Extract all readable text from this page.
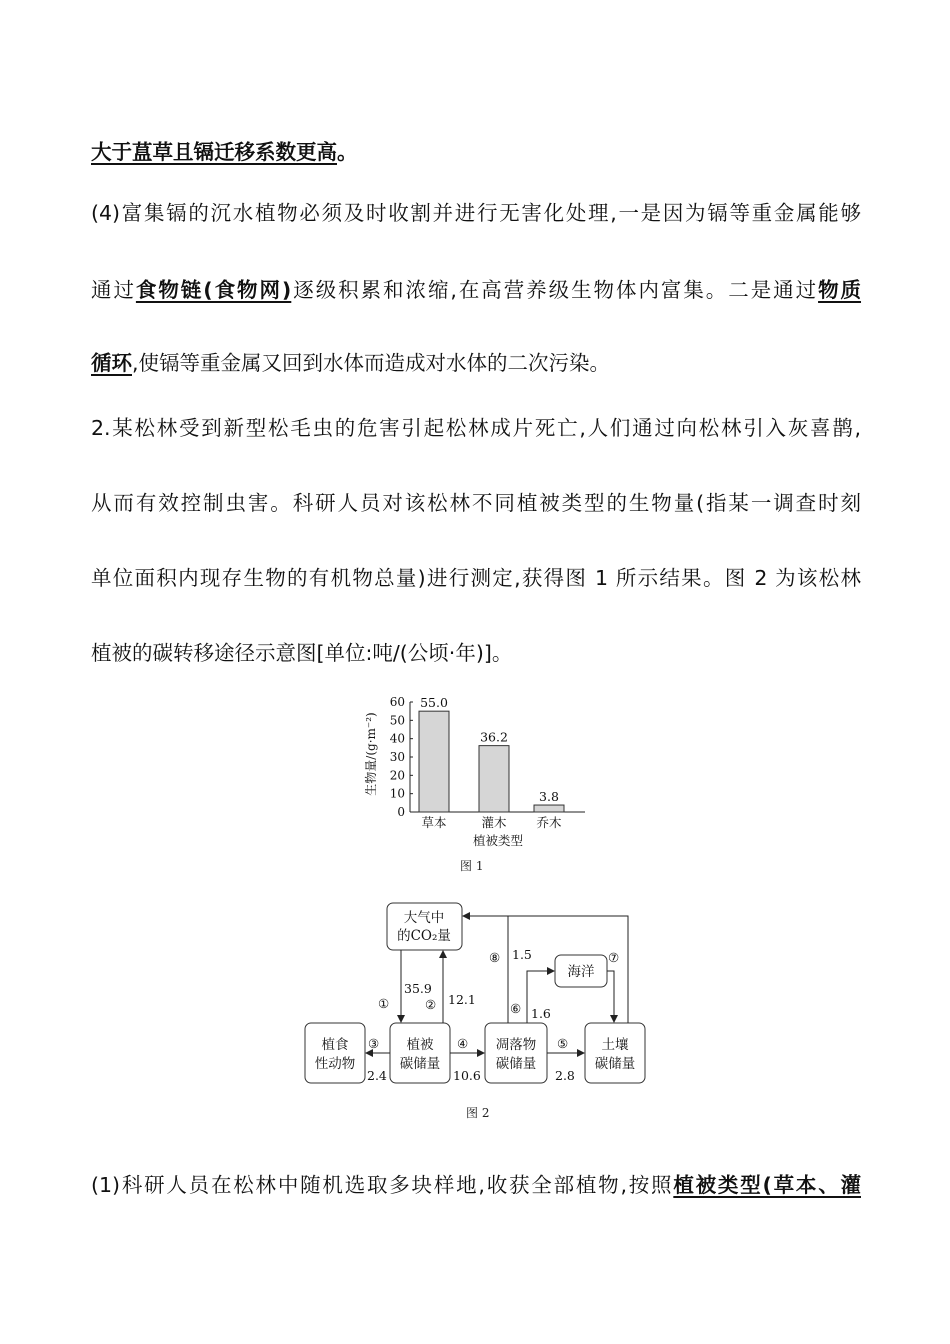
大于蒀草且镉迁移系数更高。
(4)富集镉的沉水植物必须及时收割并进行无害化处理,一是因为镉等重金属能够
通过食物链(食物网)逐级积累和浓缩,在高营养级生物体内富集。二是通过物质
循环,使镉等重金属又回到水体而造成对水体的二次污染。
2.某松林受到新型松毛虫的危害引起松林成片死亡,人们通过向松林引入灰喜鹊,
从而有效控制虫害。科研人员对该松林不同植被类型的生物量(指某一调查时刻
单位面积内现存生物的有机物总量)进行测定,获得图 1 所示结果。图 2 为该松林
植被的碳转移途径示意图[单位:吨/(公顷·年)]。
(1)科研人员在松林中随机选取多块样地,收获全部植物,按照植被类型(草本、灌
生物量/(g·m⁻²)
0
10
20
30
40
50
60 55.0
草本
36.2
灌木
3.8
乔木
植被类型
图 1
大气中
的CO₂量
植食
性动物
植被
碳储量
凋落物
碳储量
土壤
碳储量
海洋
①
35.9
② 12.1
③
2.4
④
10.6
⑤
2.8
⑥ 1.6
⑦
⑧ 1.5
图 2
